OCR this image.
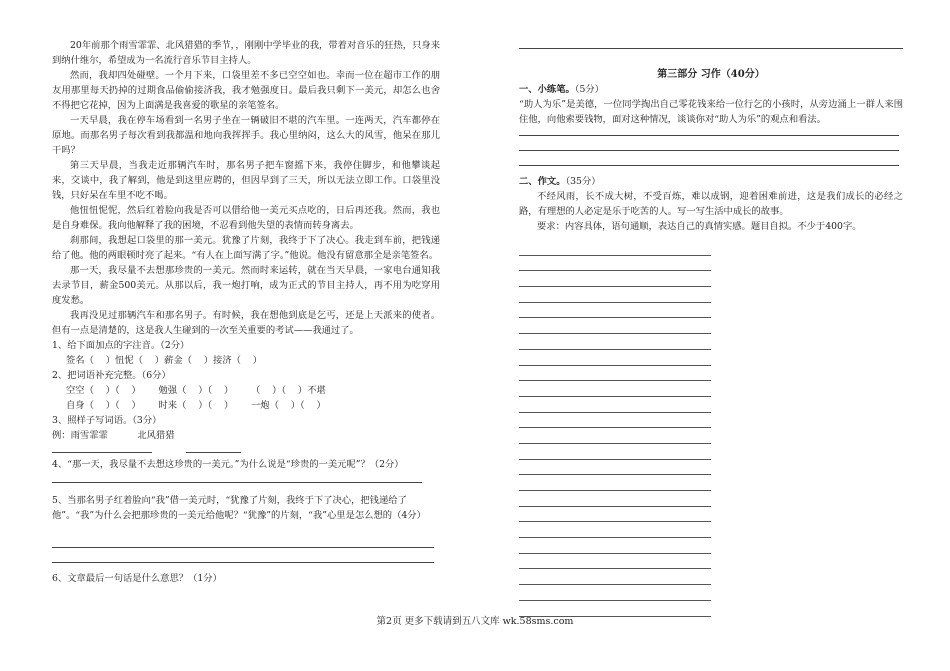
20年前那个雨雪霏霏、北风猎猎的季节，，刚刚中学毕业的我，带着对音乐的狂热，只身来到纳什维尔，希望成为一名流行音乐节目主持人。

然而，我却四处碰壁。一个月下来，口袋里差不多已空空如也。幸而一位在超市工作的朋友用那里每天扔掉的过期食品偷偷接济我，我才勉强度日。最后我只剩下一美元，却怎么也舍不得把它花掉，因为上面满是我喜爱的歌星的亲笔签名。

一天早晨，我在停车场看到一名男子坐在一辆破旧不堪的汽车里。一连两天，汽车都停在原地。而那名男子每次看到我都温和地向我挥挥手。我心里纳闷，这么大的风雪，他呆在那儿干吗？

第三天早晨，当我走近那辆汽车时，那名男子把车窗摇下来，我停住脚步，和他攀谈起来，交谈中，我了解到，他是到这里应聘的，但因早到了三天，所以无法立即工作。口袋里没钱，只好呆在车里不吃不喝。

他忸忸怩怩，然后红着脸向我是否可以借给他一美元买点吃的，日后再还我。然而，我也是自身难保。我向他解释了我的困境，不忍看到他失望的表情而转身离去。

刹那间，我想起口袋里的那一美元。犹豫了片刻，我终于下了决心。我走到车前，把钱递给了他。他的两眼顿时亮了起来。“有人在上面写满了字。”他说。他没有留意那全是亲笔签名。

那一天，我尽量不去想那珍贵的一美元。然而时来运转，就在当天早晨，一家电台通知我去录节目，薪金500美元。从那以后，我一炮打响，成为正式的节目主持人，再不用为吃穿用度发愁。

我再没见过那辆汽车和那名男子。有时候，我在想他到底是乞丐，还是上天派来的使者。但有一点是清楚的，这是我人生碰到的一次至关重要的考试——我通过了。

1、给下面加点的字注音。（2分）

签名（    ）忸怩（    ）薪金（    ）接济（    ）

2、把词语补充完整。（6分）

空空（    ）（    ）      勉强（    ）（    ）      （    ）（    ）不堪

自身（    ）（    ）      时来（    ）（    ）      一炮（    ）（    ）

3、照样子写词语。（3分）

例：雨雪霏霏          北风猎猎

4、“那一天，我尽量不去想这珍贵的一美元。”为什么说是“珍贵的一美元呢”？（2分）

5、当那名男子红着脸向“我”借一美元时，“犹豫了片刻，我终于下了决心，把钱递给了他”。“我”为什么会把那珍贵的一美元给他呢？“犹豫”的片刻，“我”心里是怎么想的（4分）

6、文章最后一句话是什么意思？（1分）

第三部分 习作（40分）

一、小练笔。（5分）

“助人为乐”是美德，一位同学掏出自己零花钱来给一位行乞的小孩时，从旁边涌上一群人来围住他，向他索要钱物，面对这种情况，谈谈你对“助人为乐”的观点和看法。

二、作文。（35分）

不经风雨，长不成大树，不受百炼，难以成钢，迎着困难前进，这是我们成长的必经之路，有理想的人必定是乐于吃苦的人。写一写生活中成长的故事。

要求：内容具体，语句通顺，表达自己的真情实感。题目自拟。不少于400字。

第2页 更多下载请到五八文库 wk.58sms.com
